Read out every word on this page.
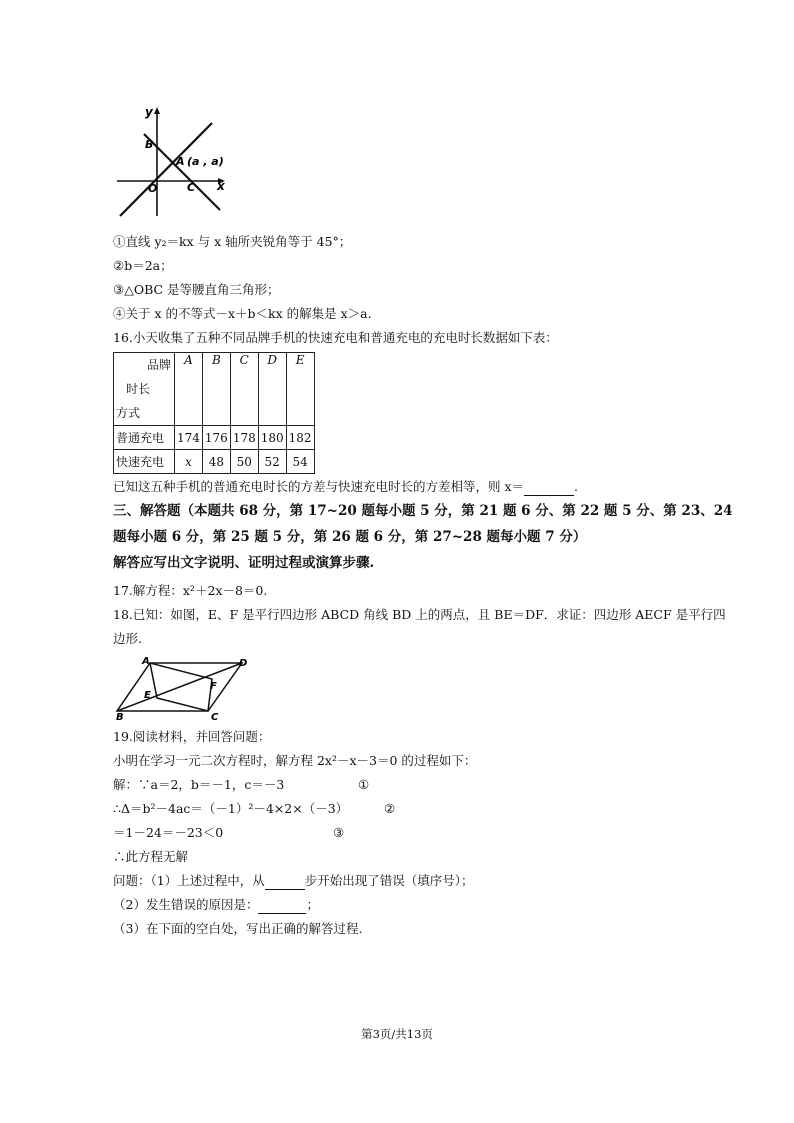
y
x
O
B
A (a , a)
C
①直线 y₂＝kx 与 x 轴所夹锐角等于 45°；
②b＝2a；
③△OBC 是等腰直角三角形；
④关于 x 的不等式－x＋b＜kx 的解集是 x＞a.
16.小天收集了五种不同品牌手机的快速充电和普通充电的充电时长数据如下表：
品牌
时长
方式	A	B	C	D	E
普通充电	174	176	178	180	182
快速充电	x	48	50	52	54
已知这五种手机的普通充电时长的方差与快速充电时长的方差相等，则 x＝	.
三、解答题（本题共 68 分，第 17~20 题每小题 5 分，第 21 题 6 分、第 22 题 5 分、第 23、24
题每小题 6 分，第 25 题 5 分，第 26 题 6 分，第 27~28 题每小题 7 分）
解答应写出文字说明、证明过程或演算步骤.
17.解方程：x²＋2x－8＝0.
18.已知：如图，E、F 是平行四边形 ABCD 角线 BD 上的两点，且 BE＝DF．求证：四边形 AECF 是平行四
边形.
A	D
B	C
E
F
19.阅读材料，并回答问题：
小明在学习一元二次方程时，解方程 2x²－x－3＝0 的过程如下：
解：∵a＝2，b＝－1，c＝－3	①
∴Δ＝b²－4ac＝（－1）²－4×2×（－3）	②
＝1－24＝－23＜0	③
∴此方程无解
问题：（1）上述过程中，从	步开始出现了错误（填序号）；
（2）发生错误的原因是：	；
（3）在下面的空白处，写出正确的解答过程.
第3页/共13页
